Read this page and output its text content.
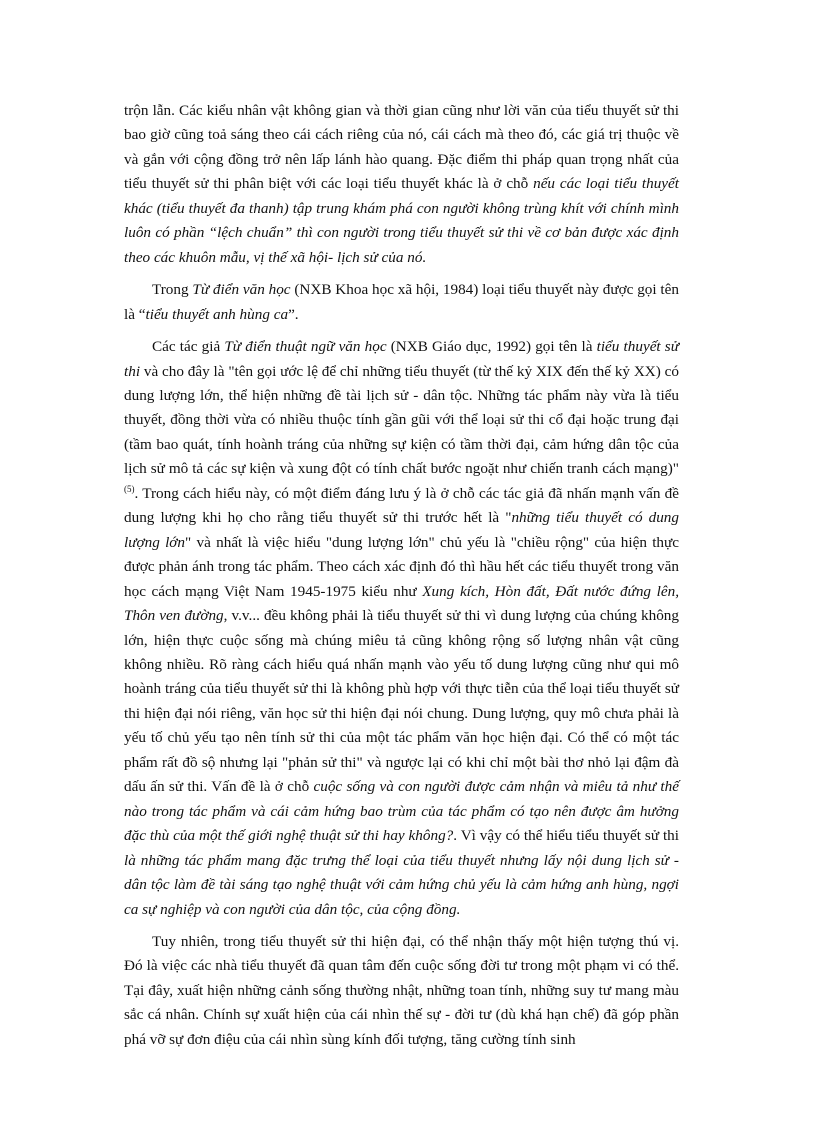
trộn lẫn. Các kiểu nhân vật không gian và thời gian cũng như lời văn của tiểu thuyết sử thi bao giờ cũng toả sáng theo cái cách riêng của nó, cái cách mà theo đó, các giá trị thuộc về và gắn với cộng đồng trở nên lấp lánh hào quang. Đặc điểm thi pháp quan trọng nhất của tiểu thuyết sử thi phân biệt với các loại tiểu thuyết khác là ở chỗ nếu các loại tiểu thuyết khác (tiểu thuyết đa thanh) tập trung khám phá con người không trùng khít với chính mình luôn có phần “lệch chuẩn” thì con người trong tiểu thuyết sử thi về cơ bản được xác định theo các khuôn mẫu, vị thế xã hội- lịch sử của nó.

Trong Từ điển văn học (NXB Khoa học xã hội, 1984) loại tiểu thuyết này được gọi tên là “tiểu thuyết anh hùng ca”.

Các tác giả Từ điển thuật ngữ văn học (NXB Giáo dục, 1992) gọi tên là tiểu thuyết sử thi và cho đây là "tên gọi ước lệ để chỉ những tiểu thuyết (từ thế kỷ XIX đến thế kỷ XX) có dung lượng lớn, thể hiện những đề tài lịch sử - dân tộc. Những tác phẩm này vừa là tiểu thuyết, đồng thời vừa có nhiều thuộc tính gần gũi với thể loại sử thi cổ đại hoặc trung đại (tầm bao quát, tính hoành tráng của những sự kiện có tầm thời đại, cảm hứng dân tộc của lịch sử mô tả các sự kiện và xung đột có tính chất bước ngoặt như chiến tranh cách mạng)"$^{(5)}$. Trong cách hiểu này, có một điểm đáng lưu ý là ở chỗ các tác giả đã nhấn mạnh vấn đề dung lượng khi họ cho rằng tiểu thuyết sử thi trước hết là "những tiểu thuyết có dung lượng lớn" và nhất là việc hiểu "dung lượng lớn" chủ yếu là "chiều rộng" của hiện thực được phản ánh trong tác phẩm. Theo cách xác định đó thì hầu hết các tiểu thuyết trong văn học cách mạng Việt Nam 1945-1975 kiểu như Xung kích, Hòn đất, Đất nước đứng lên, Thôn ven đường, v.v... đều không phải là tiểu thuyết sử thi vì dung lượng của chúng không lớn, hiện thực cuộc sống mà chúng miêu tả cũng không rộng số lượng nhân vật cũng không nhiều. Rõ ràng cách hiểu quá nhấn mạnh vào yếu tố dung lượng cũng như qui mô hoành tráng của tiểu thuyết sử thi là không phù hợp với thực tiễn của thể loại tiểu thuyết sử thi hiện đại nói riêng, văn học sử thi hiện đại nói chung. Dung lượng, quy mô chưa phải là yếu tố chủ yếu tạo nên tính sử thi của một tác phẩm văn học hiện đại. Có thể có một tác phẩm rất đồ sộ nhưng lại "phản sử thi" và ngược lại có khi chỉ một bài thơ nhỏ lại đậm đà dấu ấn sử thi. Vấn đề là ở chỗ cuộc sống và con người được cảm nhận và miêu tả như thế nào trong tác phẩm và cái cảm hứng bao trùm của tác phẩm có tạo nên được âm hưởng đặc thù của một thế giới nghệ thuật sử thi hay không?. Vì vậy có thể hiểu tiểu thuyết sử thi là những tác phẩm mang đặc trưng thể loại của tiểu thuyết nhưng lấy nội dung lịch sử - dân tộc làm đề tài sáng tạo nghệ thuật với cảm hứng chủ yếu là cảm hứng anh hùng, ngợi ca sự nghiệp và con người của dân tộc, của cộng đồng.

Tuy nhiên, trong tiểu thuyết sử thi hiện đại, có thể nhận thấy một hiện tượng thú vị. Đó là việc các nhà tiểu thuyết đã quan tâm đến cuộc sống đời tư trong một phạm vi có thể. Tại đây, xuất hiện những cảnh sống thường nhật, những toan tính, những suy tư mang màu sắc cá nhân. Chính sự xuất hiện của cái nhìn thế sự - đời tư (dù khá hạn chế) đã góp phần phá vỡ sự đơn điệu của cái nhìn sùng kính đối tượng, tăng cường tính sinh
